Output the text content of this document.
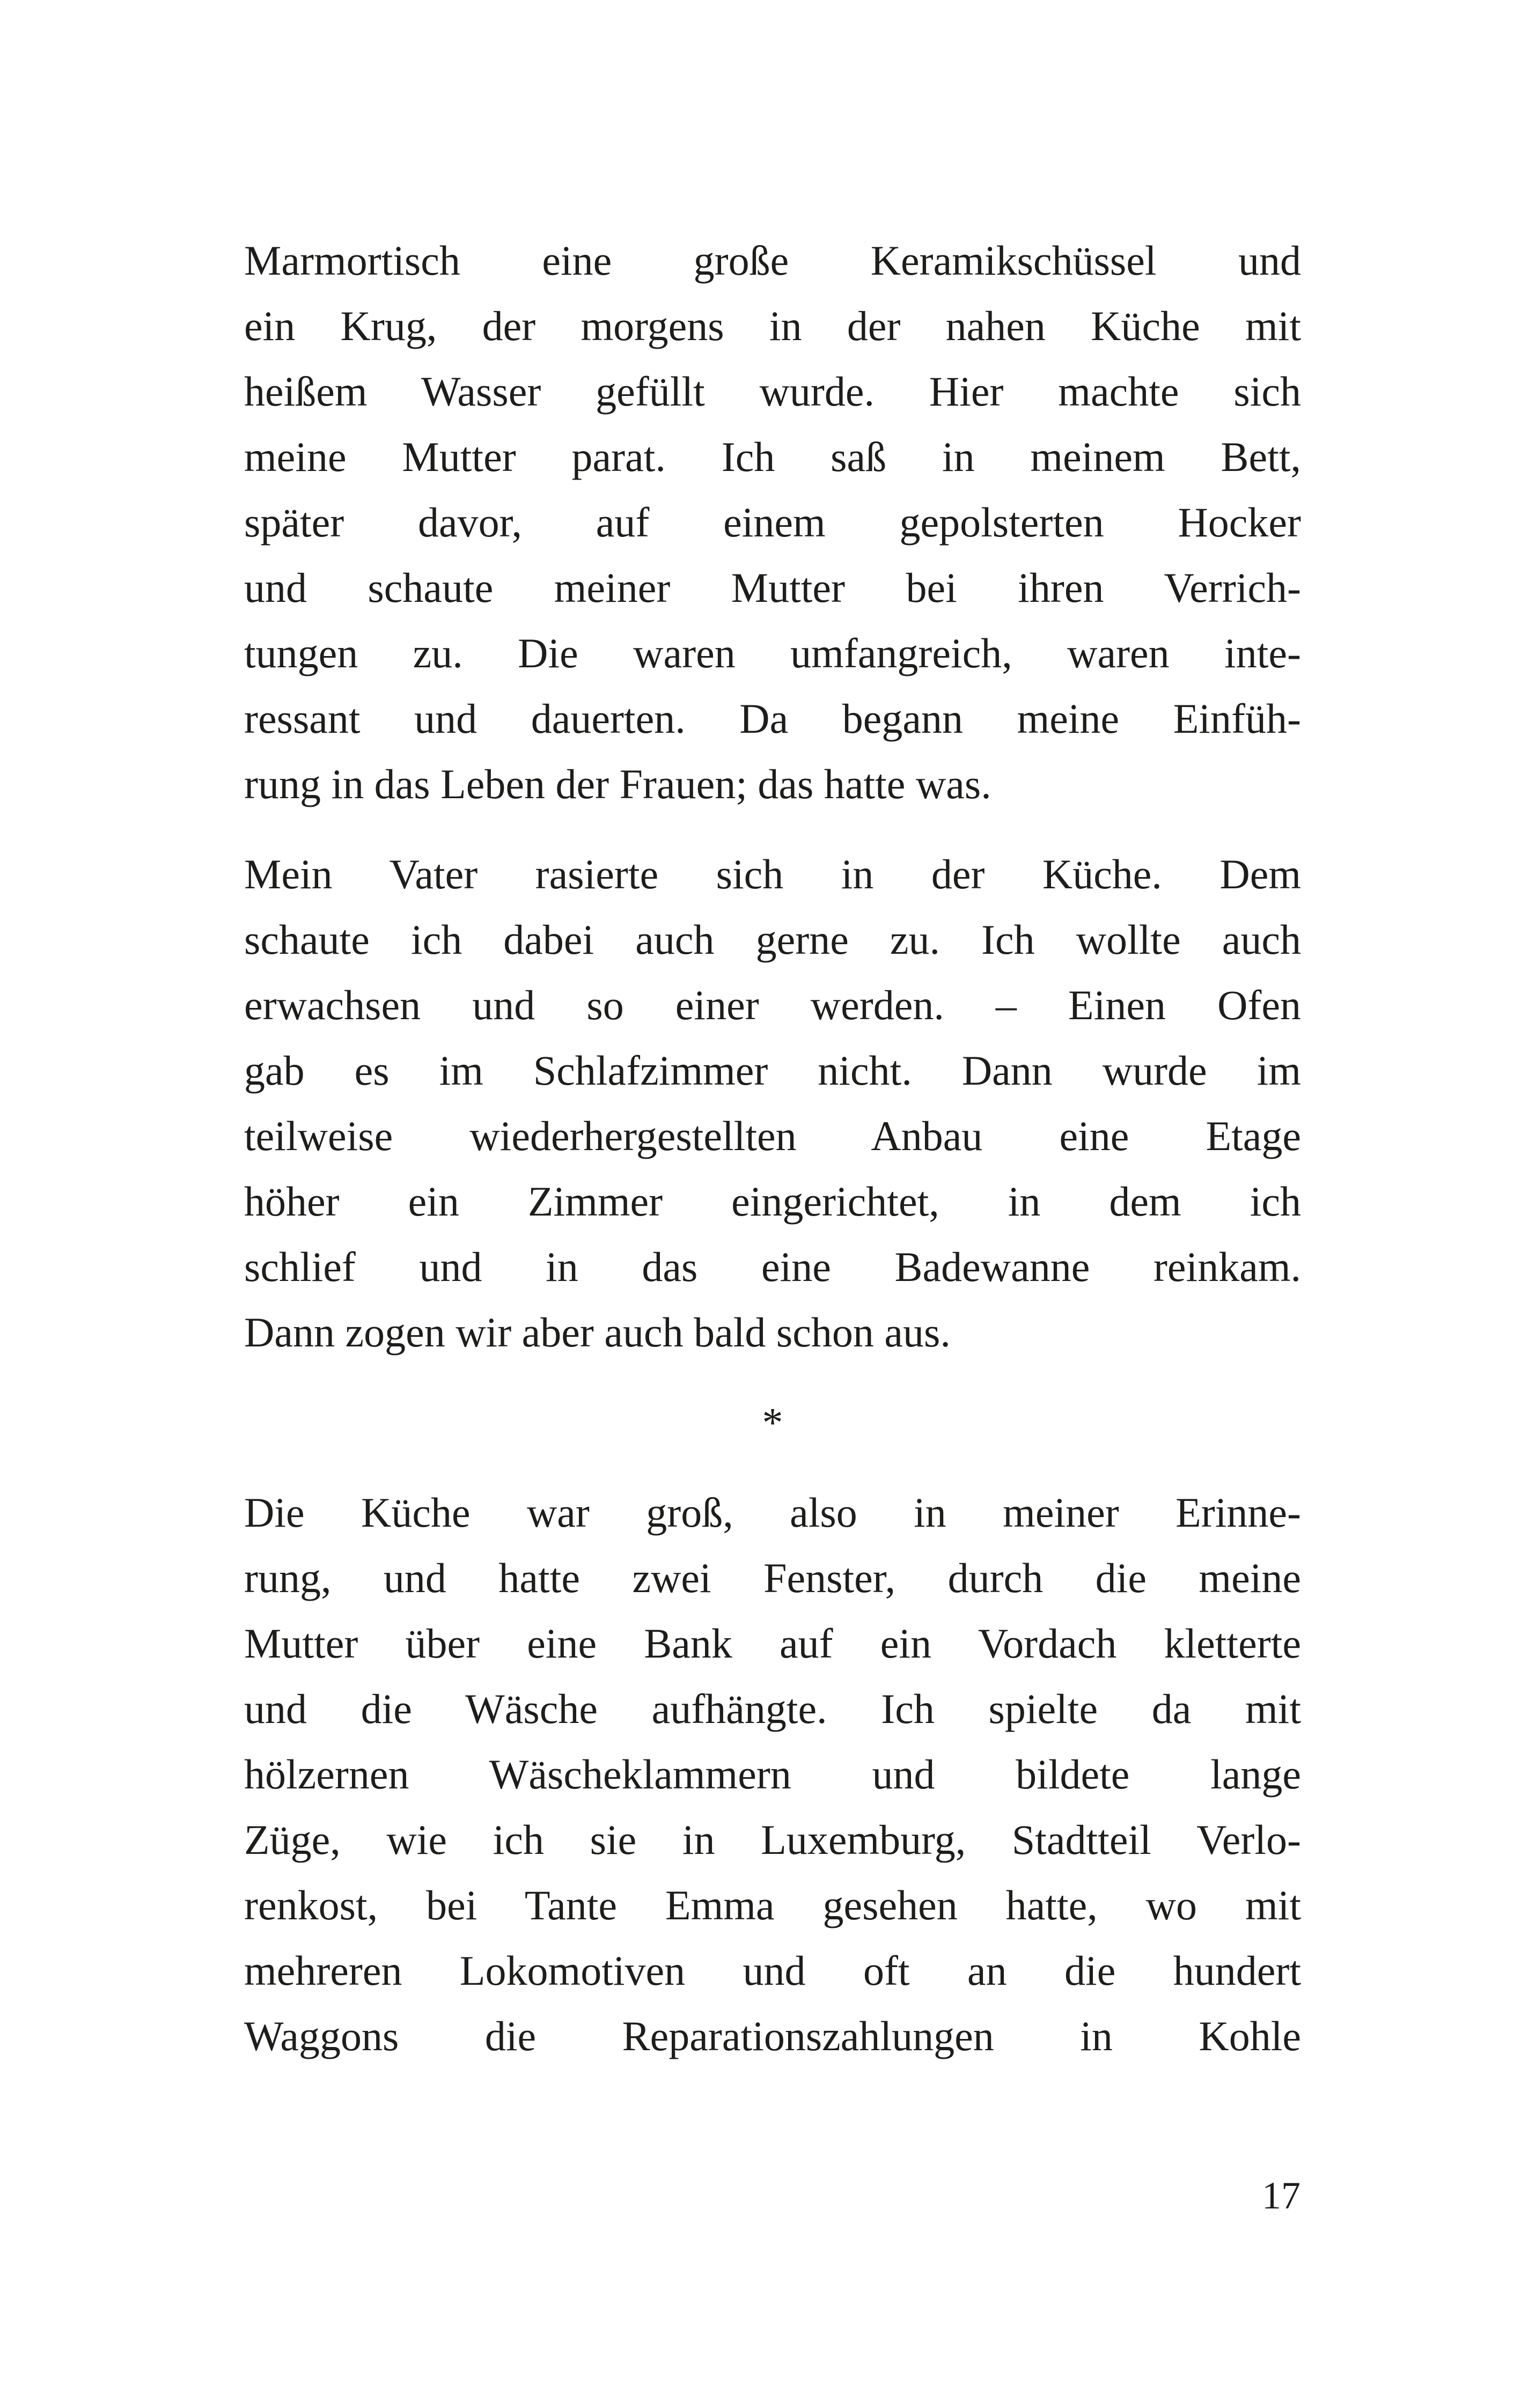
Marmortisch eine große Keramikschüssel und
ein Krug, der morgens in der nahen Küche mit
heißem Wasser gefüllt wurde. Hier machte sich
meine Mutter parat. Ich saß in meinem Bett,
später davor, auf einem gepolsterten Hocker
und schaute meiner Mutter bei ihren Verrich-
tungen zu. Die waren umfangreich, waren inte-
ressant und dauerten. Da begann meine Einfüh-
rung in das Leben der Frauen; das hatte was.
Mein Vater rasierte sich in der Küche. Dem
schaute ich dabei auch gerne zu. Ich wollte auch
erwachsen und so einer werden. – Einen Ofen
gab es im Schlafzimmer nicht. Dann wurde im
teilweise wiederhergestellten Anbau eine Etage
höher ein Zimmer eingerichtet, in dem ich
schlief und in das eine Badewanne reinkam.
Dann zogen wir aber auch bald schon aus.
*
Die Küche war groß, also in meiner Erinne-
rung, und hatte zwei Fenster, durch die meine
Mutter über eine Bank auf ein Vordach kletterte
und die Wäsche aufhängte. Ich spielte da mit
hölzernen Wäscheklammern und bildete lange
Züge, wie ich sie in Luxemburg, Stadtteil Verlo-
renkost, bei Tante Emma gesehen hatte, wo mit
mehreren Lokomotiven und oft an die hundert
Waggons die Reparationszahlungen in Kohle
17
